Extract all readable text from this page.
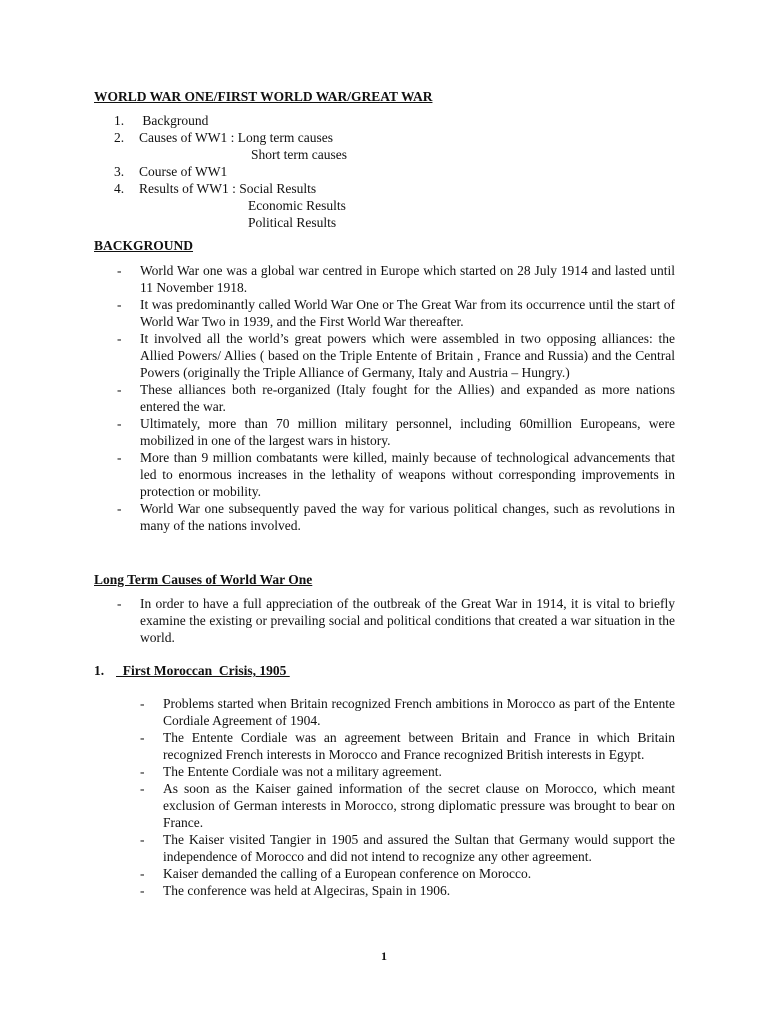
WORLD WAR ONE/FIRST WORLD WAR/GREAT WAR
1.	Background
2.	Causes of WW1 : Long term causes
Short term causes
3.	Course of WW1
4.	Results of WW1 : Social Results
Economic Results
Political Results
BACKGROUND
-	World War one was a global war centred in Europe which started on 28 July 1914 and lasted until 11 November 1918.
-	It was predominantly called World War One or The Great War from its occurrence until the start of World War Two in 1939, and the First World War thereafter.
-	It involved all the world’s great powers which were assembled in two opposing alliances: the Allied Powers/ Allies ( based on the Triple Entente of Britain , France and Russia) and the Central Powers (originally the Triple Alliance of Germany, Italy and Austria – Hungry.)
-	These alliances both re-organized (Italy fought for the Allies) and expanded as more nations entered the war.
-	Ultimately, more than 70 million military personnel, including 60million Europeans, were mobilized in one of the largest wars in history.
-	More than 9 million combatants were killed, mainly because of technological advancements that led to enormous increases in the lethality of weapons without corresponding improvements in protection or mobility.
-	World War one subsequently paved the way for various political changes, such as revolutions in many of the nations involved.
Long Term Causes of World War One
-	In order to have a full appreciation of the outbreak of the Great War in 1914, it is vital to briefly examine the existing or prevailing social and political conditions that created a war situation in the world.
1. First Moroccan  Crisis, 1905
-	Problems started when Britain recognized French ambitions in Morocco as part of the Entente Cordiale Agreement of 1904.
-	The Entente Cordiale was an agreement between Britain and France in which Britain recognized French interests in Morocco and France recognized British interests in Egypt.
-	The Entente Cordiale was not a military agreement.
-	As soon as the Kaiser gained information of the secret clause on Morocco, which meant exclusion of German interests in Morocco, strong diplomatic pressure was brought to bear on France.
-	The Kaiser visited Tangier in 1905 and assured the Sultan that Germany would support the independence of Morocco and did not intend to recognize any other agreement.
-	Kaiser demanded the calling of a European conference on Morocco.
-	The conference was held at Algeciras, Spain in 1906.
1
